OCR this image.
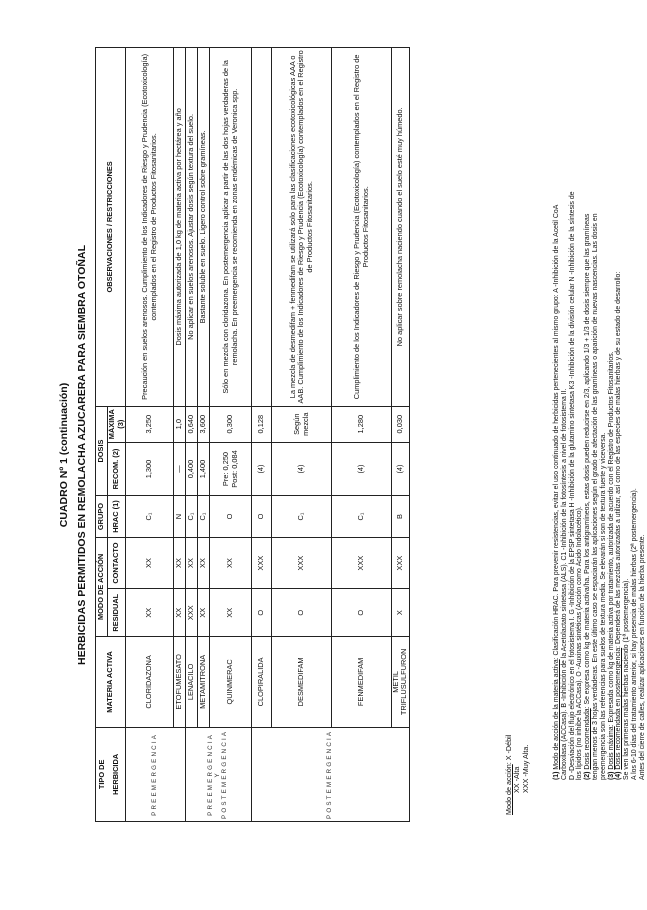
CUADRO Nº 1 (continuación) HERBICIDAS PERMITIDOS EN REMOLACHA AZUCARERA PARA SIEMBRA OTOÑAL
TIPO DE	MATERIA ACTIVA	MODO DE ACCIÓN		GRUPO	DOSIS		OBSERVACIONES / RESTRICCIONES
HERBICIDA		RESIDUAL	CONTACTO	HRAC (1)	RECOM. (2)	MÁXIMA (3)	
PREEMERGENCIA	CLORIDAZONA	XX	XX	C₁	1,300	3,250	Precaución en suelos arenosos. Cumplimiento de los Indicadores de Riesgo y Prudencia (Ecotoxicología) contemplados en el Registro de Productos Fitosanitarios.
	ETOFUMESATO	XX	XX	N	—	1,0	Dosis máxima autorizada de 1,0 kg de materia activa por hectárea y año
PREEMERGENCIA Y POSTEMERGENCIA	LENACILO	XXX	XX	C₁	0,400	0,640	No aplicar en suelos arenosos. Ajustar dosis según textura del suelo.
	METAMITRONA	XX	XX	C₁	1,400	3,600	Bastante soluble en suelo. Ligero control sobre gramíneas.
	QUINMERAC	XX	XX	O	Pre: 0,250 Post: 0,084	0,300	Sólo en mezcla con cloridazona. En postemergencia aplicar a partir de las dos hojas verdaderas de la remolacha. En preemergencia se recomienda en zonas endémicas de Veronica spp.
POSTEMERGENCIA	CLOPIRALIDA	O	XXX	O	(4)	0,128	
	DESMEDIFAM	O	XXX	C₁	(4)	Según mezcla	La mezcla de desmedifam + fenmedifam se utilizará solo para las clasificaciones ecotoxicológicas AAA o AAB. Cumplimiento de los Indicadores de Riesgo y Prudencia (Ecotoxicología) contemplados en el Registro de Productos Fitosanitarios.
	FENMEDIFAM	O	XXX	C₁	(4)	1,280	Cumplimiento de los Indicadores de Riesgo y Prudencia (Ecotoxicología) contemplados en el Registro de Productos Fitosanitarios.
	METIL TRIFLUSULFURON	X	XXX	B	(4)	0,030	No aplicar sobre remolacha naciendo cuando el suelo esté muy húmedo.
Modo de acción: X -Débil
XX -Alta XXX -Muy Alta.	(1) Modo de acción de la materia activa: Clasificación HRAC. Para prevenir resistencias, evitar el uso continuado de herbicidas pertenecientes al mismo grupo: A -Inhibición de la Acetil CoA Carboxilasa (ACCasa). B -Inhibición de la Acetolactato sintetasa (ALS). C1 -Inhibición de la fotosíntesis a nivel de fotosistema II. D -Desviación del flujo electrónico en el fotosistema I. G -Inhibición de la EPSP sintetasa H -Inhibición de la glutamino sintetasa K3 -Inhibición de la división celular N -Inhibición de la síntesis de los lípidos (no inhibe la ACCasa). O -Auxinas sintéticas (Acción como Ácido Indolacético). (2) Dosis recomendada: Se expresa como kg de materia activa/ha. Para los antigramíneos, estas dosis pueden reducirse en 2/3, aplicando 1/3 + 1/3 de dosis siempre que las gramíneas tengan menos de 3 hojas verdaderas. En este último caso se espaciarán las aplicaciones según el grado de afectación de las gramíneas o aparición de nuevas nascencias. Las dosis en preemergencia son las referencias para suelos de textura media. Se elevarán si son de textura fuerte y viceversa. (3) Dosis máxima: Expresada como kg de materia activa por tratamiento, autorizada de acuerdo con el Registro de Productos Fitosanitarios.
(4) Dosis recomendada en postemergencia: Dependerá de las mezclas autorizadas a utilizar, así como de las especies de malas hierbas y de su estado de desarrollo:
Se ven las primeras malas hierbas naciendo (1ª postemergencia). A los 6-10 días del tratamiento anterior, si hay presencia de malas hierbas (2ª postemergencia). Antes del cierre de calles, realizar aplicaciones en función de la hierba presente.
